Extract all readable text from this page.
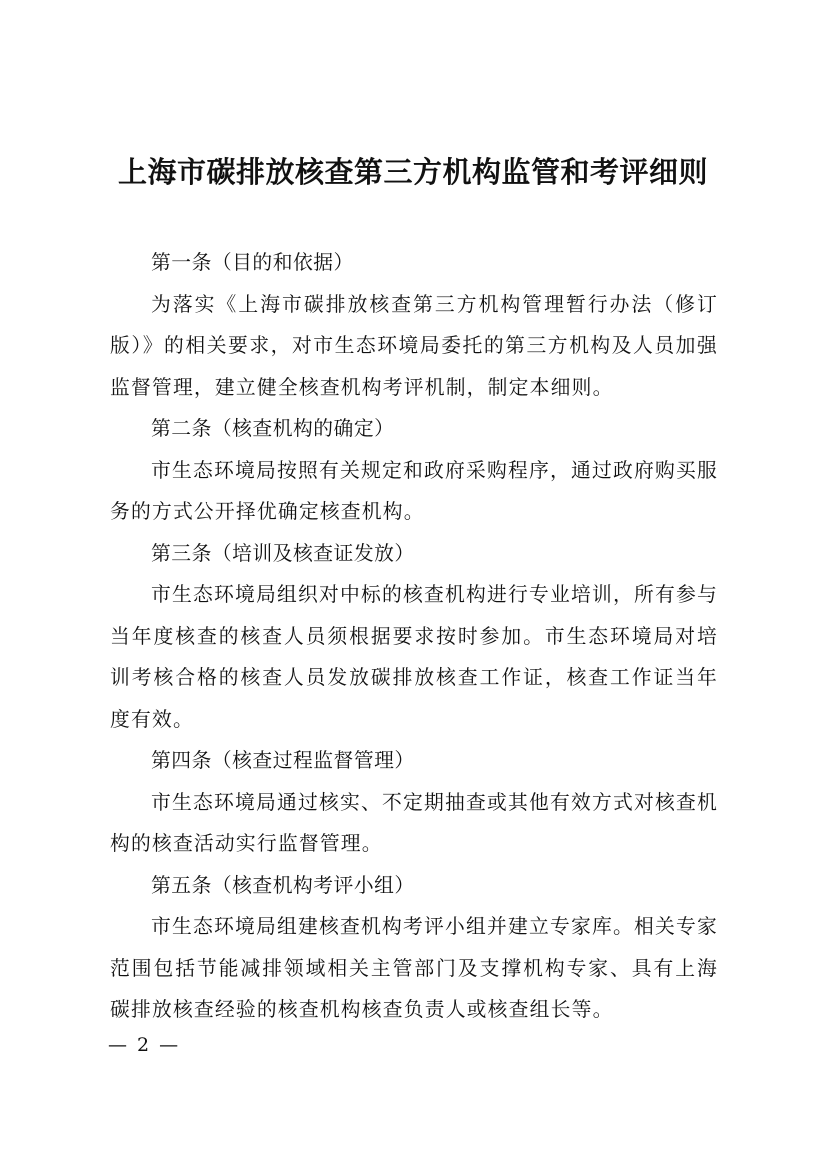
上海市碳排放核查第三方机构监管和考评细则

第一条（目的和依据）

为落实《上海市碳排放核查第三方机构管理暂行办法（修订版）》的相关要求，对市生态环境局委托的第三方机构及人员加强监督管理，建立健全核查机构考评机制，制定本细则。

第二条（核查机构的确定）

市生态环境局按照有关规定和政府采购程序，通过政府购买服务的方式公开择优确定核查机构。

第三条（培训及核查证发放）

市生态环境局组织对中标的核查机构进行专业培训，所有参与当年度核查的核查人员须根据要求按时参加。市生态环境局对培训考核合格的核查人员发放碳排放核查工作证，核查工作证当年度有效。

第四条（核查过程监督管理）

市生态环境局通过核实、不定期抽查或其他有效方式对核查机构的核查活动实行监督管理。

第五条（核查机构考评小组）

市生态环境局组建核查机构考评小组并建立专家库。相关专家范围包括节能减排领域相关主管部门及支撑机构专家、具有上海碳排放核查经验的核查机构核查负责人或核查组长等。

— 2 —
